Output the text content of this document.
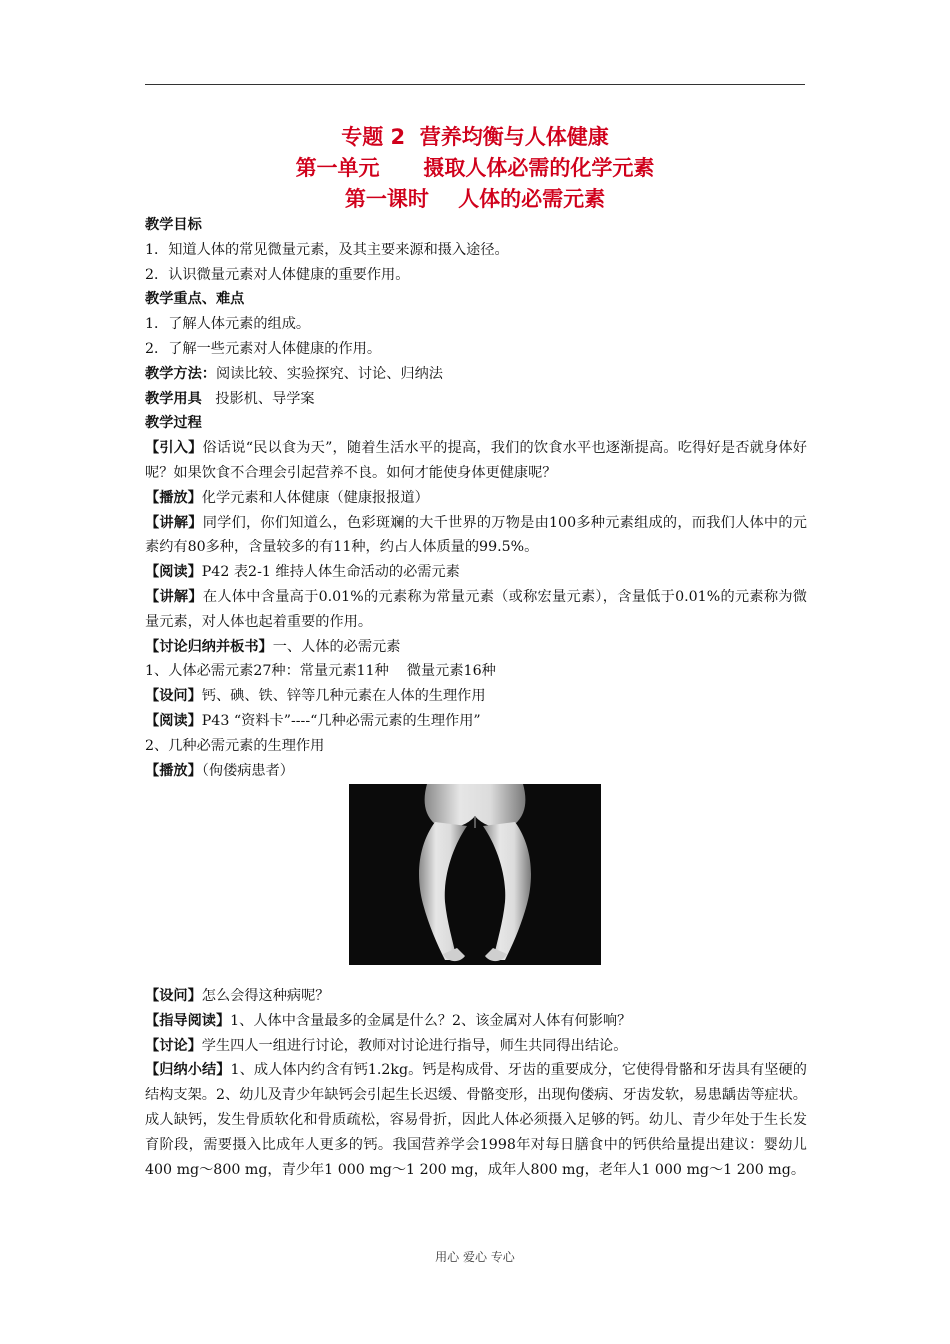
专题 2  营养均衡与人体健康
第一单元      摄取人体必需的化学元素
第一课时    人体的必需元素
教学目标
1．知道人体的常见微量元素，及其主要来源和摄入途径。
2．认识微量元素对人体健康的重要作用。
教学重点、难点
1．了解人体元素的组成。
2．了解一些元素对人体健康的作用。
教学方法：阅读比较、实验探究、讨论、归纳法
教学用具   投影机、导学案
教学过程
【引入】俗话说“民以食为天”，随着生活水平的提高，我们的饮食水平也逐渐提高。吃得好是否就身体好呢？如果饮食不合理会引起营养不良。如何才能使身体更健康呢？
【播放】化学元素和人体健康（健康报报道）
【讲解】同学们，你们知道么，色彩斑斓的大千世界的万物是由100多种元素组成的，而我们人体中的元素约有80多种，含量较多的有11种，约占人体质量的99.5%。
【阅读】P42 表2-1 维持人体生命活动的必需元素
【讲解】在人体中含量高于0.01%的元素称为常量元素（或称宏量元素），含量低于0.01%的元素称为微量元素，对人体也起着重要的作用。
【讨论归纳并板书】一、人体的必需元素
1、人体必需元素27种：常量元素11种    微量元素16种
【设问】钙、碘、铁、锌等几种元素在人体的生理作用
【阅读】P43 “资料卡”----“几种必需元素的生理作用”
2、几种必需元素的生理作用
【播放】（佝偻病患者）
【设问】怎么会得这种病呢？
【指导阅读】1、人体中含量最多的金属是什么？2、该金属对人体有何影响？
【讨论】学生四人一组进行讨论，教师对讨论进行指导，师生共同得出结论。
【归纳小结】1、成人体内约含有钙1.2kg。钙是构成骨、牙齿的重要成分，它使得骨骼和牙齿具有坚硬的结构支架。2、幼儿及青少年缺钙会引起生长迟缓、骨骼变形，出现佝偻病、牙齿发软，易患龋齿等症状。成人缺钙，发生骨质软化和骨质疏松，容易骨折，因此人体必须摄入足够的钙。幼儿、青少年处于生长发育阶段，需要摄入比成年人更多的钙。我国营养学会1998年对每日膳食中的钙供给量提出建议：婴幼儿400 mg～800 mg，青少年1 000 mg～1 200 mg，成年人800 mg，老年人1 000 mg～1 200 mg。
用心 爱心 专心
